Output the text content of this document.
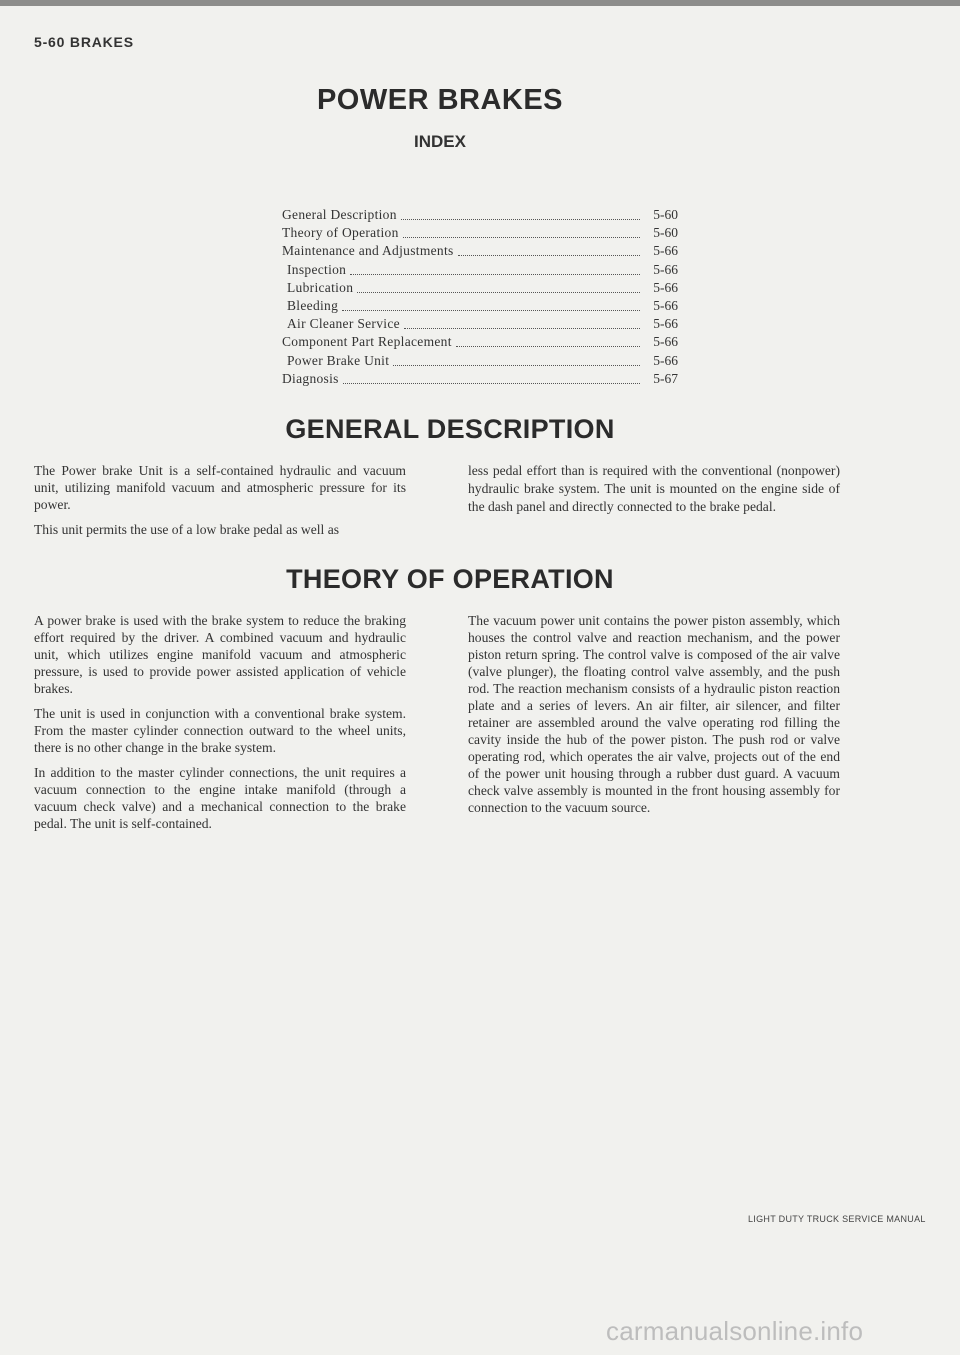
5-60 BRAKES
POWER BRAKES
INDEX
General Description	5-60
Theory of Operation	5-60
Maintenance and Adjustments	5-66
Inspection	5-66
Lubrication	5-66
Bleeding	5-66
Air Cleaner Service	5-66
Component Part Replacement	5-66
Power Brake Unit	5-66
Diagnosis	5-67
GENERAL DESCRIPTION

The Power brake Unit is a self-contained hydraulic and vacuum unit, utilizing manifold vacuum and atmospheric pressure for its power.

This unit permits the use of a low brake pedal as well as

less pedal effort than is required with the conventional (nonpower) hydraulic brake system. The unit is mounted on the engine side of the dash panel and directly connected to the brake pedal.

THEORY OF OPERATION

A power brake is used with the brake system to reduce the braking effort required by the driver. A combined vacuum and hydraulic unit, which utilizes engine manifold vacuum and atmospheric pressure, is used to provide power assisted application of vehicle brakes.

The unit is used in conjunction with a conventional brake system. From the master cylinder connection outward to the wheel units, there is no other change in the brake system.

In addition to the master cylinder connections, the unit requires a vacuum connection to the engine intake manifold (through a vacuum check valve) and a mechanical connection to the brake pedal. The unit is self-contained.

The vacuum power unit contains the power piston assembly, which houses the control valve and reaction mechanism, and the power piston return spring. The control valve is composed of the air valve (valve plunger), the floating control valve assembly, and the push rod. The reaction mechanism consists of a hydraulic piston reaction plate and a series of levers. An air filter, air silencer, and filter retainer are assembled around the valve operating rod filling the cavity inside the hub of the power piston. The push rod or valve operating rod, which operates the air valve, projects out of the end of the power unit housing through a rubber dust guard. A vacuum check valve assembly is mounted in the front housing assembly for connection to the vacuum source.

LIGHT DUTY TRUCK SERVICE MANUAL
carmanualsonline.info
